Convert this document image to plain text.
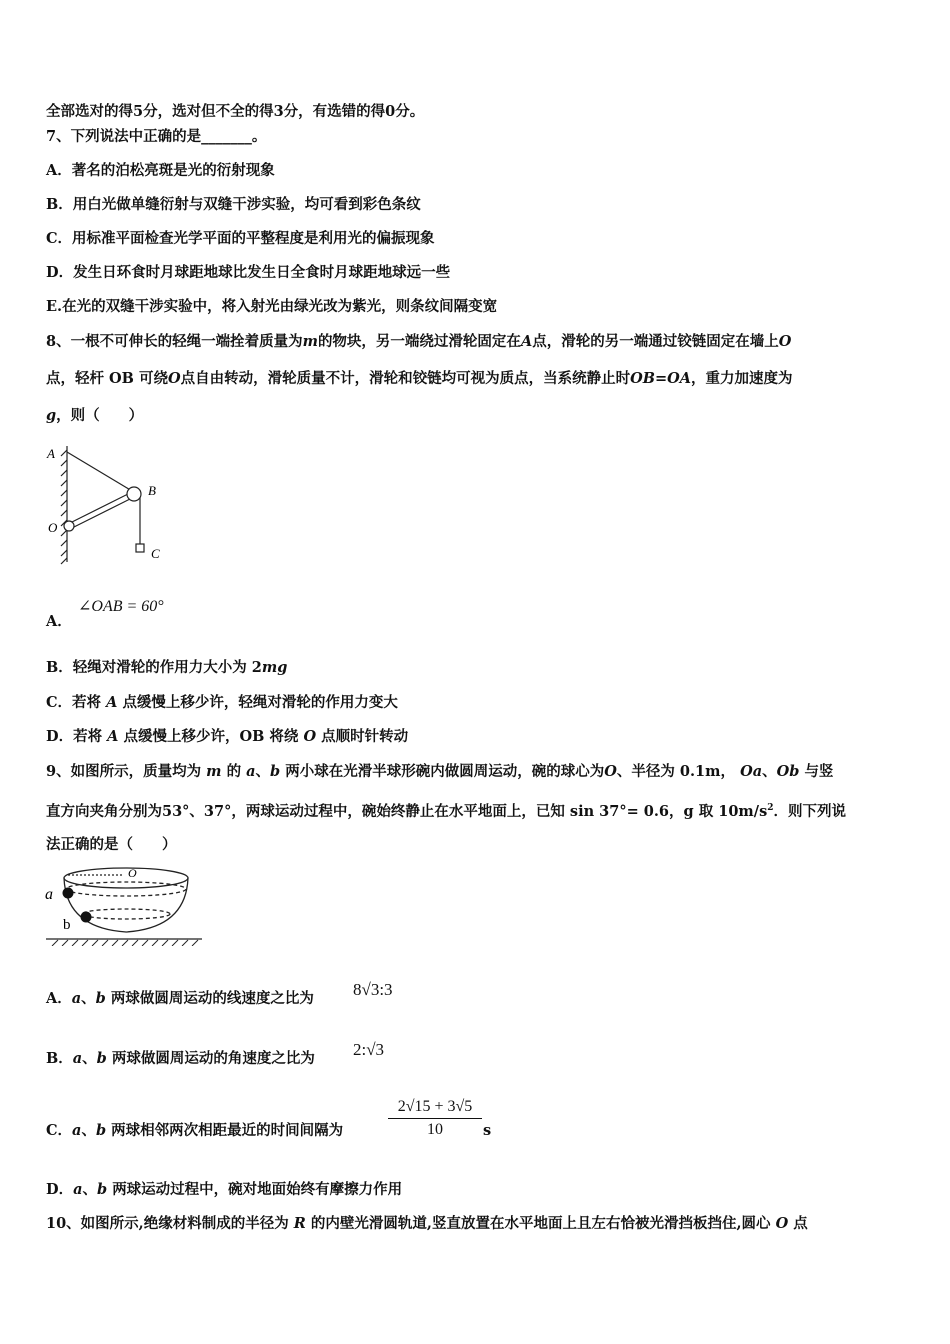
全部选对的得5分，选对但不全的得3分，有选错的得0分。
7、下列说法中正确的是_______。
A．著名的泊松亮斑是光的衍射现象
B．用白光做单缝衍射与双缝干涉实验，均可看到彩色条纹
C．用标准平面检查光学平面的平整程度是利用光的偏振现象
D．发生日环食时月球距地球比发生日全食时月球距地球远一些
E.在光的双缝干涉实验中，将入射光由绿光改为紫光，则条纹间隔变宽
8、一根不可伸长的轻绳一端拴着质量为m的物块，另一端绕过滑轮固定在A点，滑轮的另一端通过铰链固定在墙上O
点，轻杆 OB 可绕O点自由转动，滑轮质量不计，滑轮和铰链均可视为质点，当系统静止时OB=OA，重力加速度为
g，则（　　）
A
B
O
C
A．
∠OAB = 60°
B．轻绳对滑轮的作用力大小为 2mg
C．若将 A 点缓慢上移少许，轻绳对滑轮的作用力变大
D．若将 A 点缓慢上移少许，OB 将绕 O 点顺时针转动
9、如图所示，质量均为 m 的 a、b 两小球在光滑半球形碗内做圆周运动，碗的球心为O、半径为 0.1m， Oa、Ob 与竖
直方向夹角分别为53°、37°，两球运动过程中，碗始终静止在水平地面上，已知 sin 37°= 0.6，g 取 $10m/s^2$．则下列说
法正确的是（　　）
O
a
b
A．a、b 两球做圆周运动的线速度之比为 8√3:3
B．a、b 两球做圆周运动的角速度之比为 2:√3
C．a、b 两球相邻两次相距最近的时间间隔为	$\frac{2√15 + 3√5}{10}$ s
D．a、b 两球运动过程中，碗对地面始终有摩擦力作用
10、如图所示,绝缘材料制成的半径为 R 的内壁光滑圆轨道,竖直放置在水平地面上且左右恰被光滑挡板挡住,圆心 O 点
